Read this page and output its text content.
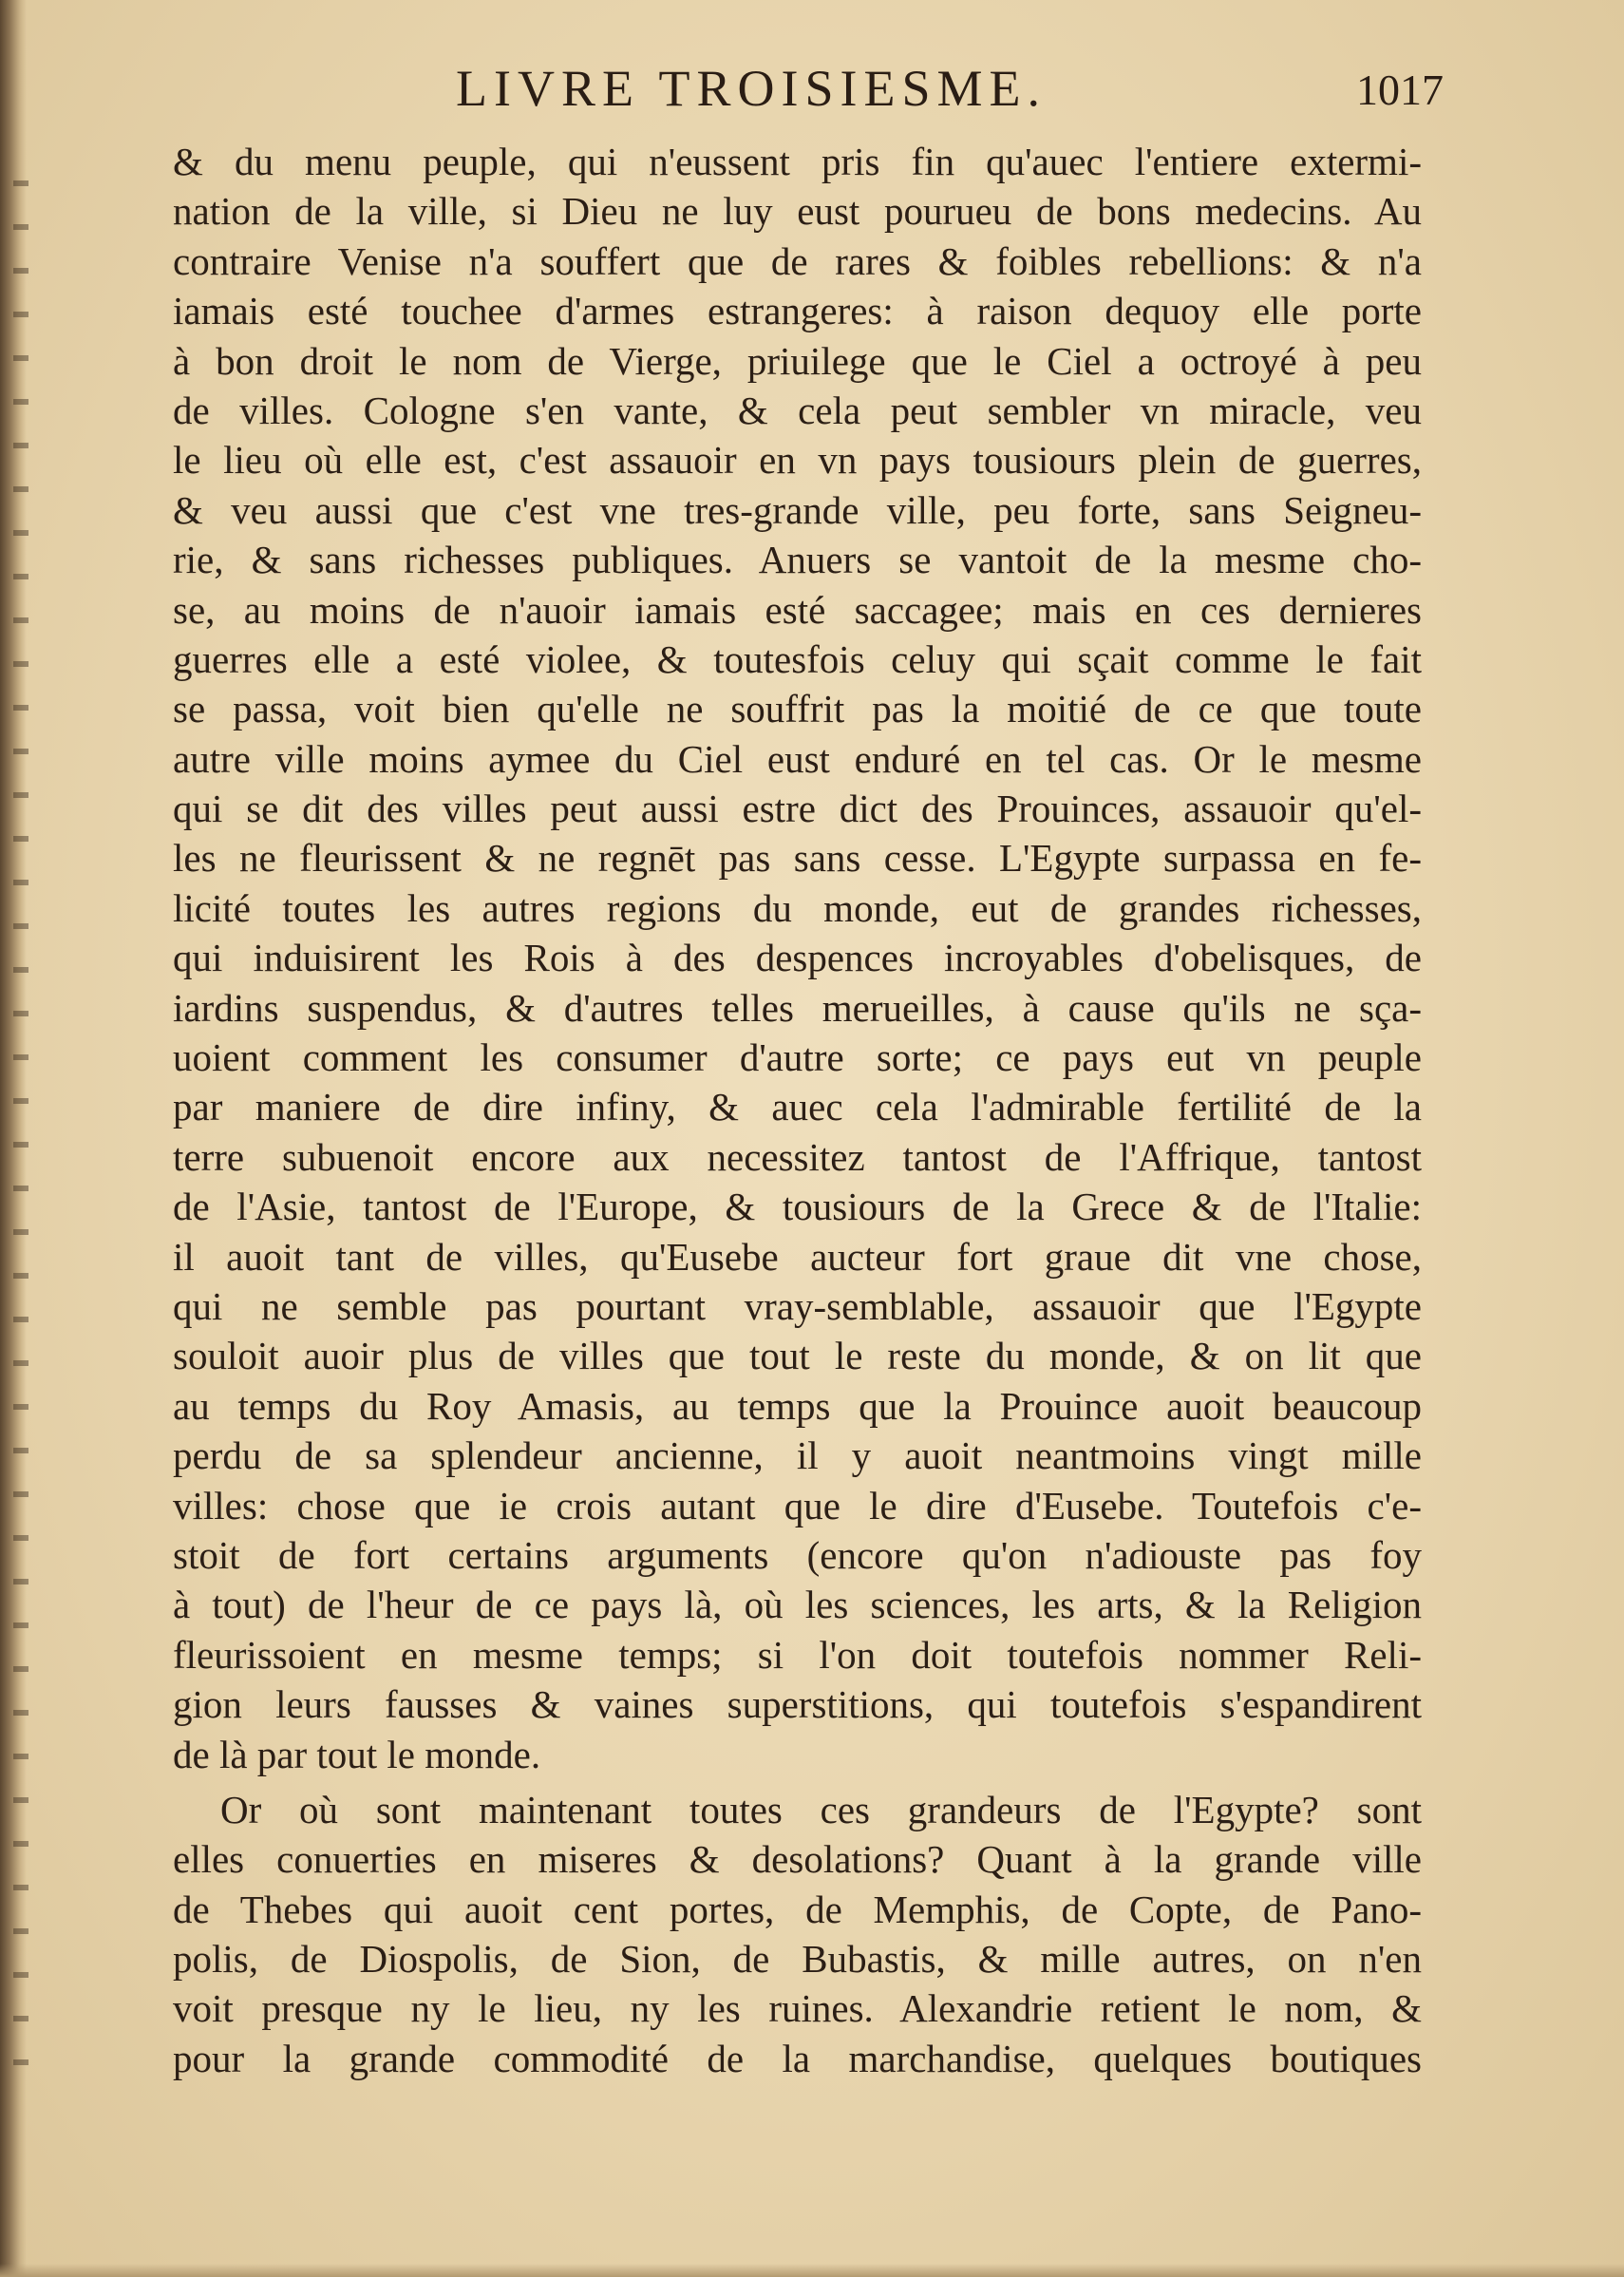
LIVRE TROISIESME.	1017
& du menu peuple, qui n'eussent pris fin qu'auec l'entiere extermi-
nation de la ville, si Dieu ne luy eust pourueu de bons medecins. Au
contraire Venise n'a souffert que de rares & foibles rebellions: & n'a
iamais esté touchee d'armes estrangeres: à raison dequoy elle porte
à bon droit le nom de Vierge, priuilege que le Ciel a octroyé à peu
de villes. Cologne s'en vante, & cela peut sembler vn miracle, veu
le lieu où elle est, c'est assauoir en vn pays tousiours plein de guerres,
& veu aussi que c'est vne tres-grande ville, peu forte, sans Seigneu-
rie, & sans richesses publiques. Anuers se vantoit de la mesme cho-
se, au moins de n'auoir iamais esté saccagee; mais en ces dernieres
guerres elle a esté violee, & toutesfois celuy qui sçait comme le fait
se passa, voit bien qu'elle ne souffrit pas la moitié de ce que toute
autre ville moins aymee du Ciel eust enduré en tel cas. Or le mesme
qui se dit des villes peut aussi estre dict des Prouinces, assauoir qu'el-
les ne fleurissent & ne regnēt pas sans cesse. L'Egypte surpassa en fe-
licité toutes les autres regions du monde, eut de grandes richesses,
qui induisirent les Rois à des despences incroyables d'obelisques, de
iardins suspendus, & d'autres telles merueilles, à cause qu'ils ne sça-
uoient comment les consumer d'autre sorte; ce pays eut vn peuple
par maniere de dire infiny, & auec cela l'admirable fertilité de la
terre subuenoit encore aux necessitez tantost de l'Affrique, tantost
de l'Asie, tantost de l'Europe, & tousiours de la Grece & de l'Italie:
il auoit tant de villes, qu'Eusebe aucteur fort graue dit vne chose,
qui ne semble pas pourtant vray-semblable, assauoir que l'Egypte
souloit auoir plus de villes que tout le reste du monde, & on lit que
au temps du Roy Amasis, au temps que la Prouince auoit beaucoup
perdu de sa splendeur ancienne, il y auoit neantmoins vingt mille
villes: chose que ie crois autant que le dire d'Eusebe. Toutefois c'e-
stoit de fort certains arguments (encore qu'on n'adiouste pas foy
à tout) de l'heur de ce pays là, où les sciences, les arts, & la Religion
fleurissoient en mesme temps; si l'on doit toutefois nommer Reli-
gion leurs fausses & vaines superstitions, qui toutefois s'espandirent
de là par tout le monde.
Or où sont maintenant toutes ces grandeurs de l'Egypte? sont
elles conuerties en miseres & desolations? Quant à la grande ville
de Thebes qui auoit cent portes, de Memphis, de Copte, de Pano-
polis, de Diospolis, de Sion, de Bubastis, & mille autres, on n'en
voit presque ny le lieu, ny les ruines. Alexandrie retient le nom, &
pour la grande commodité de la marchandise, quelques boutiques
